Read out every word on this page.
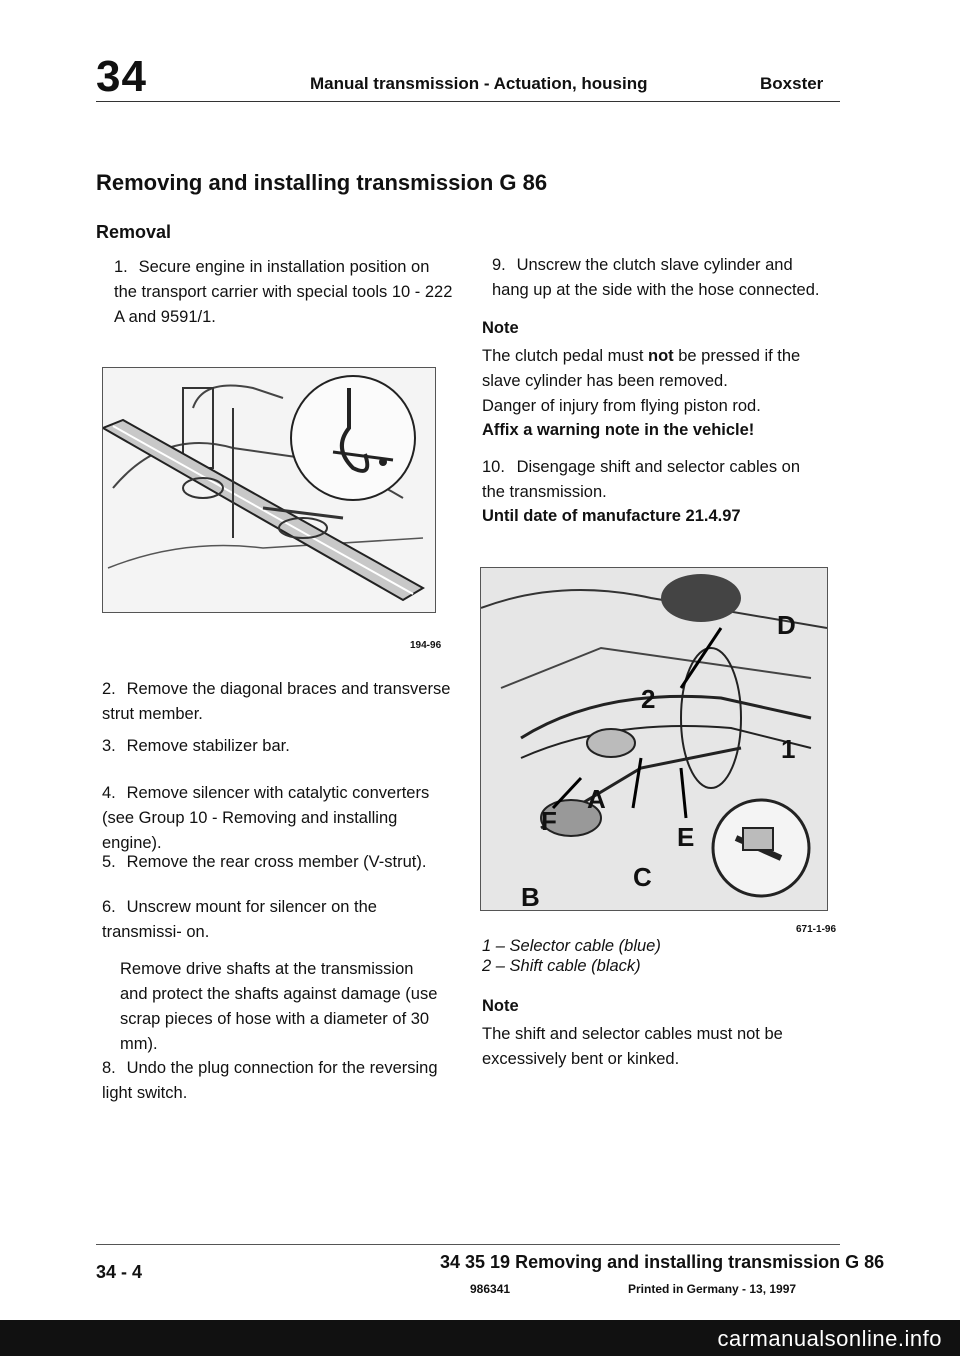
34	Manual transmission - Actuation, housing	Boxster
Removing and installing transmission G 86
Removal
1. Secure engine in installation position on the transport carrier with special tools 10 - 222 A and 9591/1.
194-96
2. Remove the diagonal braces and transverse strut member.
3. Remove stabilizer bar.
4. Remove silencer with catalytic converters (see Group 10 - Removing and installing engine).
5. Remove the rear cross member (V-strut).
6. Unscrew mount for silencer on the transmissi- on.
Remove drive shafts at the transmission and protect the shafts against damage (use scrap pieces of hose with a diameter of 30 mm).
8. Undo the plug connection for the reversing light switch.
9. Unscrew the clutch slave cylinder and hang up at the side with the hose connected.
Note
The clutch pedal must not be pressed if the slave cylinder has been removed.
Danger of injury from flying piston rod.
Affix a warning note in the vehicle!
10. Disengage shift and selector cables on the transmission.
Until date of manufacture 21.4.97
D
2
1
F
A
E
C
B
671-1-96
1 – Selector cable (blue)
2 – Shift cable (black)
Note
The shift and selector cables must not be excessively bent or kinked.
34 - 4	34 35 19 Removing and installing transmission G 86
986341	Printed in Germany - 13, 1997
carmanualsonline.info
